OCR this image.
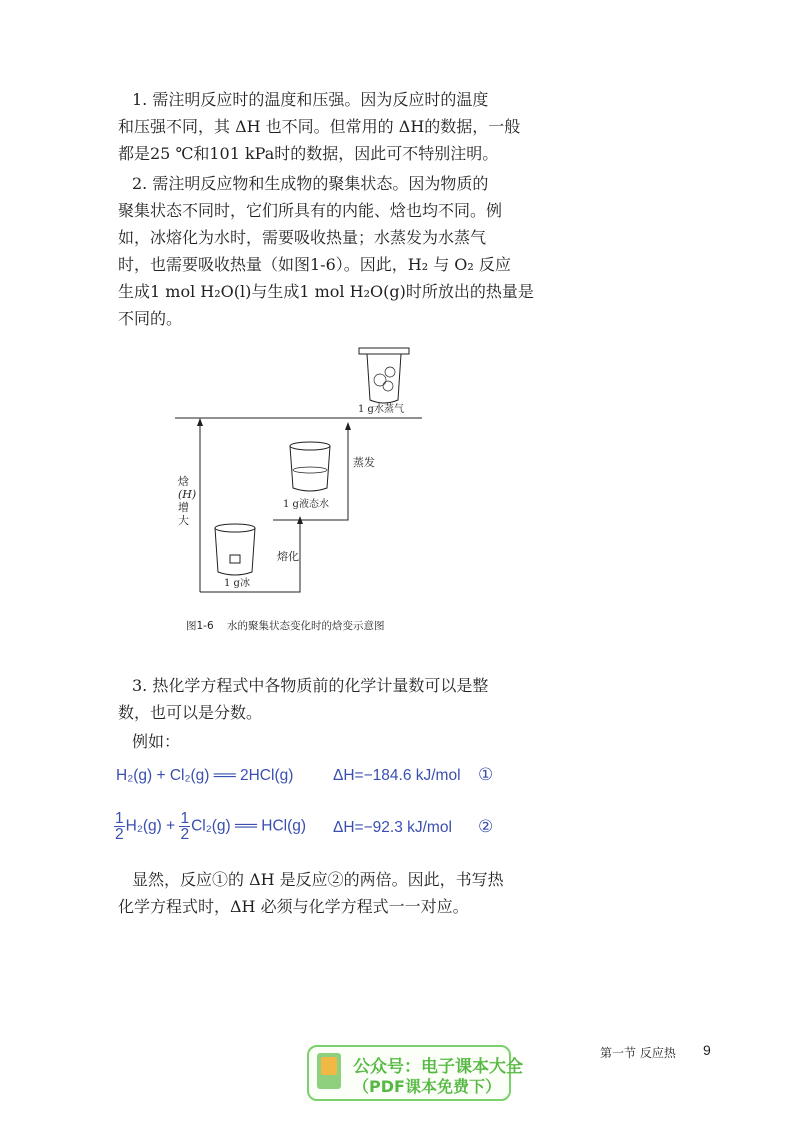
1. 需注明反应时的温度和压强。因为反应时的温度
和压强不同，其 ΔH 也不同。但常用的 ΔH的数据，一般
都是25 ℃和101 kPa时的数据，因此可不特别注明。

2. 需注明反应物和生成物的聚集状态。因为物质的
聚集状态不同时，它们所具有的内能、焓也均不同。例
如，冰熔化为水时，需要吸收热量；水蒸发为水蒸气
时，也需要吸收热量（如图1-6）。因此，H₂ 与 O₂ 反应
生成1 mol H₂O(l)与生成1 mol H₂O(g)时所放出的热量是
不同的。

焓
(H)
增
大
1 g冰
1 g液态水
1 g水蒸气
熔化
蒸发
图1-6 水的聚集状态变化时的焓变示意图

3. 热化学方程式中各物质前的化学计量数可以是整
数，也可以是分数。

例如：

H₂(g) + Cl₂(g) ══ 2HCl(g)	ΔH=−184.6 kJ/mol ①
$\frac{1}{2} H_2(g) + \frac{1}{2} Cl_2(g)$ ══ HCl(g) ΔH=−92.3 kJ/mol ②

显然，反应①的 ΔH 是反应②的两倍。因此，书写热
化学方程式时，ΔH 必须与化学方程式一一对应。

公众号：电子课本大全
（PDF课本免费下）
第一节 反应热 9
